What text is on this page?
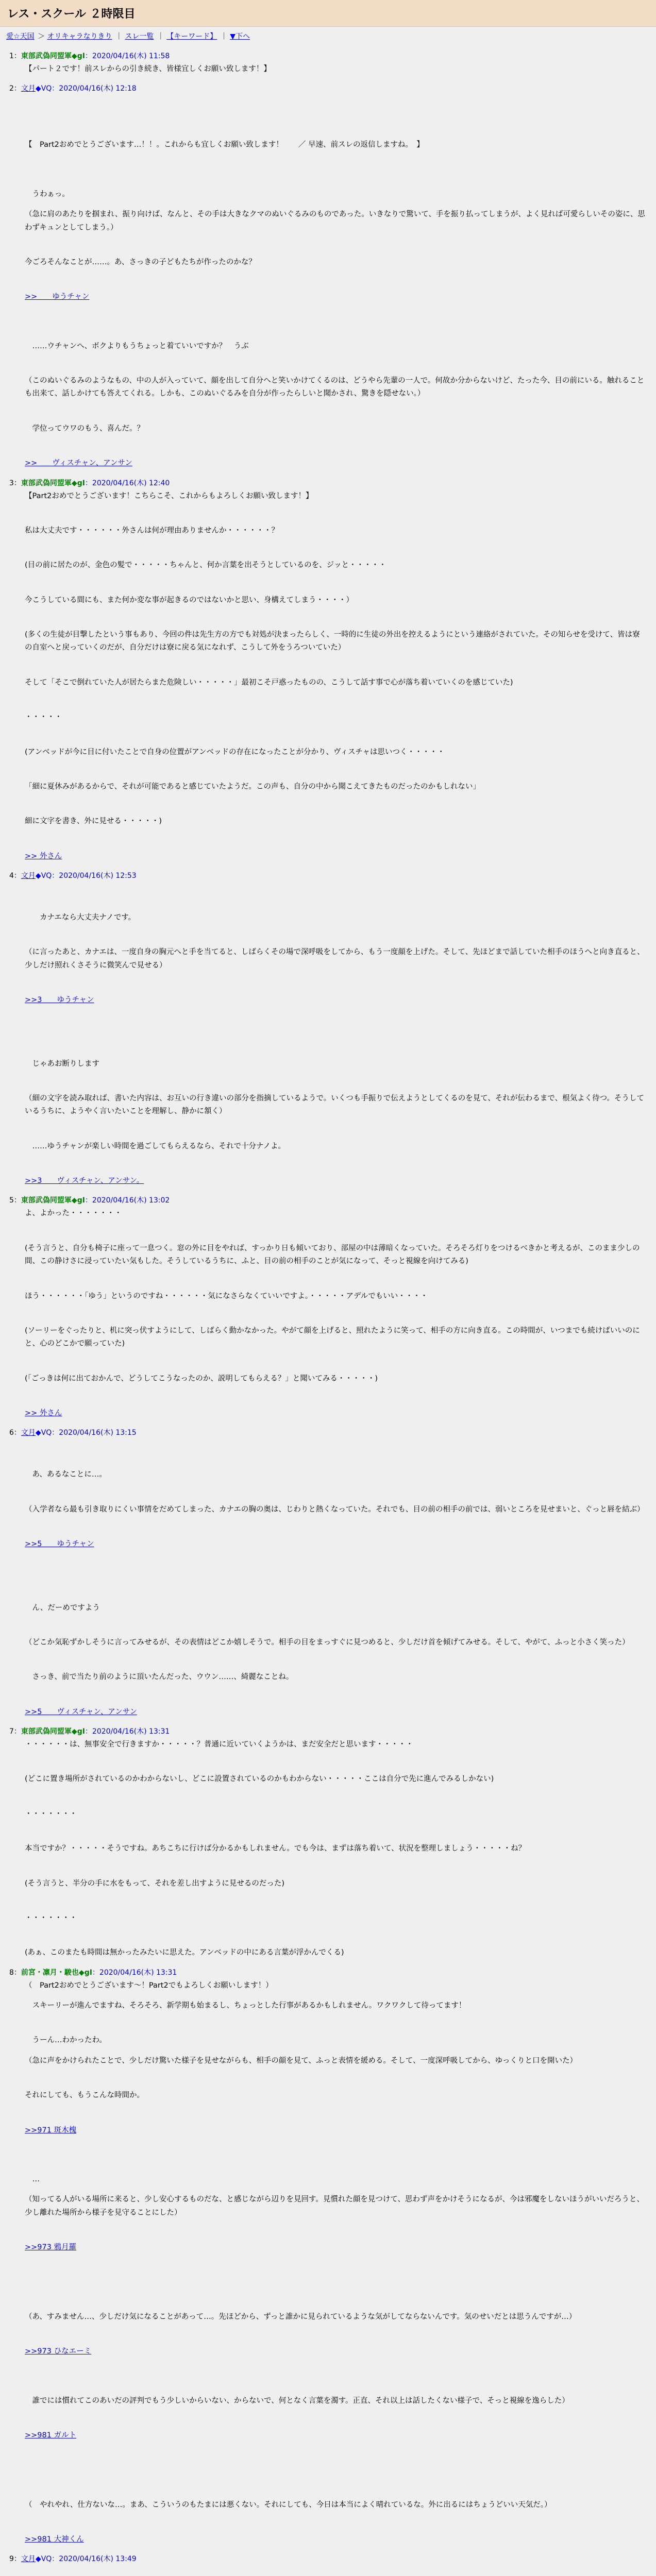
レス・スクール ２時限目
愛☆天国 ＞ オリキャラなりきり ｜ スレ一覧 ｜ 【キーワード】 ｜ ▼下へ
1：東部武偽同盟軍◆gI：2020/04/16(木) 11:58

【パート２です！前スレからの引き続き、皆様宜しくお願い致します！】

2：文月◆VQ：2020/04/16(木) 12:18

【　Part2おめでとうございます…！！。これからも宜しくお願い致します！　　／ 早速、前スレの返信しますね。　】

　うわぁっ。

（急に肩のあたりを掴まれ、振り向けば、なんと、その手は大きなクマのぬいぐるみのものであった。いきなりで驚いて、手を振り払ってしまうが、よく見れば可愛らしいその姿に、思わずキュンとしてしまう。）

今ごろそんなことが……。あ、さっきの子どもたちが作ったのかな？

>>　　ゆうチャン

　……ウチャンへ、ボクよりもうちょっと着ていいですか？　うぶ

（このぬいぐるみのようなもの、中の人が入っていて、顔を出して自分へと笑いかけてくるのは、どうやら先輩の一人で。何故か分からないけど、たった今、目の前にいる。触れることも出来て、話しかけても答えてくれる。しかも、このぬいぐるみを自分が作ったらしいと聞かされ、驚きを隠せない。）

　学位ってウワのもう、喜んだ。？

>>　　ヴィスチャン、アンサン

3：東部武偽同盟軍◆gI：2020/04/16(木) 12:40

【Part2おめでとうございます！こちらこそ、これからもよろしくお願い致します！】

私は大丈夫です・・・・・・外さんは何が理由ありませんか・・・・・・？

(目の前に居たのが、金色の髪で・・・・・ちゃんと、何か言葉を出そうとしているのを、ジッと・・・・・

今こうしている間にも、また何か変な事が起きるのではないかと思い、身構えてしまう・・・・）

(多くの生徒が目撃したという事もあり、今回の件は先生方の方でも対処が決まったらしく、一時的に生徒の外出を控えるようにという連絡がされていた。その知らせを受けて、皆は寮の自室へと戻っていくのだが、自分だけは寮に戻る気になれず、こうして外をうろついていた）

そして「そこで倒れていた人が居たらまた危険しい・・・・・」最初こそ戸惑ったものの、こうして話す事で心が落ち着いていくのを感じていた)

・・・・・

(アンベッドが今に目に付いたことで自身の位置がアンベッドの存在になったことが分かり、ヴィスチャは思いつく・・・・・

「細に夏休みがあるからで、それが可能であると感じていたようだ。この声も、自分の中から聞こえてきたものだったのかもしれない」

細に文字を書き、外に見せる・・・・・)

>> 外さん

4：文月◆VQ：2020/04/16(木) 12:53

　　カナエなら大丈夫ナノです。

（に言ったあと、カナエは、一度自身の胸元へと手を当てると、しばらくその場で深呼吸をしてから、もう一度顔を上げた。そして、先ほどまで話していた相手のほうへと向き直ると、少しだけ照れくさそうに微笑んで見せる）

>>3　　ゆうチャン

　じゃあお断りします

（細の文字を読み取れば、書いた内容は、お互いの行き違いの部分を指摘しているようで。いくつも手振りで伝えようとしてくるのを見て、それが伝わるまで、根気よく待つ。そうしているうちに、ようやく言いたいことを理解し、静かに頷く）

　……ゆうチャンが楽しい時間を過ごしてもらえるなら、それで十分ナノよ。

>>3　　ヴィスチャン、アンサン。

5：東部武偽同盟軍◆gI：2020/04/16(木) 13:02

よ、よかった・・・・・・・

(そう言うと、自分も椅子に座って一息つく。窓の外に目をやれば、すっかり日も傾いており、部屋の中は薄暗くなっていた。そろそろ灯りをつけるべきかと考えるが、このまま少しの間、この静けさに浸っていたい気もした。そうしているうちに、ふと、目の前の相手のことが気になって、そっと視線を向けてみる)

ほう・・・・・・「ゆう」というのですね・・・・・・気になさらなくていいですよ。・・・・・アデルでもいい・・・・

(ソーリーをぐったりと、机に突っ伏すようにして、しばらく動かなかった。やがて顔を上げると、照れたように笑って、相手の方に向き直る。この時間が、いつまでも続けばいいのにと、心のどこかで願っていた)

(「ごっきは何に出ておかんで、どうしてこうなったのか、説明してもらえる？」と聞いてみる・・・・・)

>> 外さん

6：文月◆VQ：2020/04/16(木) 13:15

　あ、あるなことに…。

（入学者なら最も引き取りにくい事情をだめてしまった、カナエの胸の奥は、じわりと熱くなっていた。それでも、目の前の相手の前では、弱いところを見せまいと、ぐっと唇を結ぶ）

>>5　　ゆうチャン

　ん、だーめですよう

（どこか気恥ずかしそうに言ってみせるが、その表情はどこか嬉しそうで。相手の目をまっすぐに見つめると、少しだけ首を傾げてみせる。そして、やがて、ふっと小さく笑った）

　さっき、前で当たり前のように頂いたんだった、ウウン……、綺麗なことね。

>>5　　ヴィスチャン、アンサン

7：東部武偽同盟軍◆gI：2020/04/16(木) 13:31

・・・・・・は、無事安全で行きますか・・・・・？普通に近いていくようかは、まだ安全だと思います・・・・・

(どこに置き場所がされているのかわからないし、どこに設置されているのかもわからない・・・・・ここは自分で先に進んでみるしかない)

・・・・・・・

本当ですか？・・・・・そうですね。あちこちに行けば分かるかもしれません。でも今は、まずは落ち着いて、状況を整理しましょう・・・・・ね？

(そう言うと、半分の手に水をもって、それを差し出すように見せるのだった)

・・・・・・・

(あぁ、このまたも時間は無かったみたいに思えた。アンベッドの中にある言葉が浮かんでくる)

8：前宮・凛月・駿也◆gI：2020/04/16(木) 13:31

（　Part2おめでとうございます～！Part2でもよろしくお願いします！）

　スキーリーが進んでますね、そろそろ、新学期も始まるし、ちょっとした行事があるかもしれません。ワクワクして待ってます！

　うーん…わかったわ。

（急に声をかけられたことで、少しだけ驚いた様子を見せながらも、相手の顔を見て、ふっと表情を緩める。そして、一度深呼吸してから、ゆっくりと口を開いた）

それにしても、もうこんな時間か。

>>971 斑木槐

　…

（知ってる人がいる場所に来ると、少し安心するものだな、と感じながら辺りを見回す。見慣れた顔を見つけて、思わず声をかけそうになるが、今は邪魔をしないほうがいいだろうと、少し離れた場所から様子を見守ることにした）

>>973 鴉月羅

（あ、すみません…、少しだけ気になることがあって…。先ほどから、ずっと誰かに見られているような気がしてならないんです。気のせいだとは思うんですが…）

>>973 ひなエーミ

　誰でには慣れてこのあいだの評判でもう少しいからいない、からないで、何となく言葉を濁す。正直、それ以上は話したくない様子で、そっと視線を逸らした）

>>981 ガルト

（　やれやれ、仕方ないな…。まあ、こういうのもたまには悪くない。それにしても、今日は本当によく晴れているな。外に出るにはちょうどいい天気だ。）

>>981 大神くん

9：文月◆VQ：2020/04/16(木) 13:49
